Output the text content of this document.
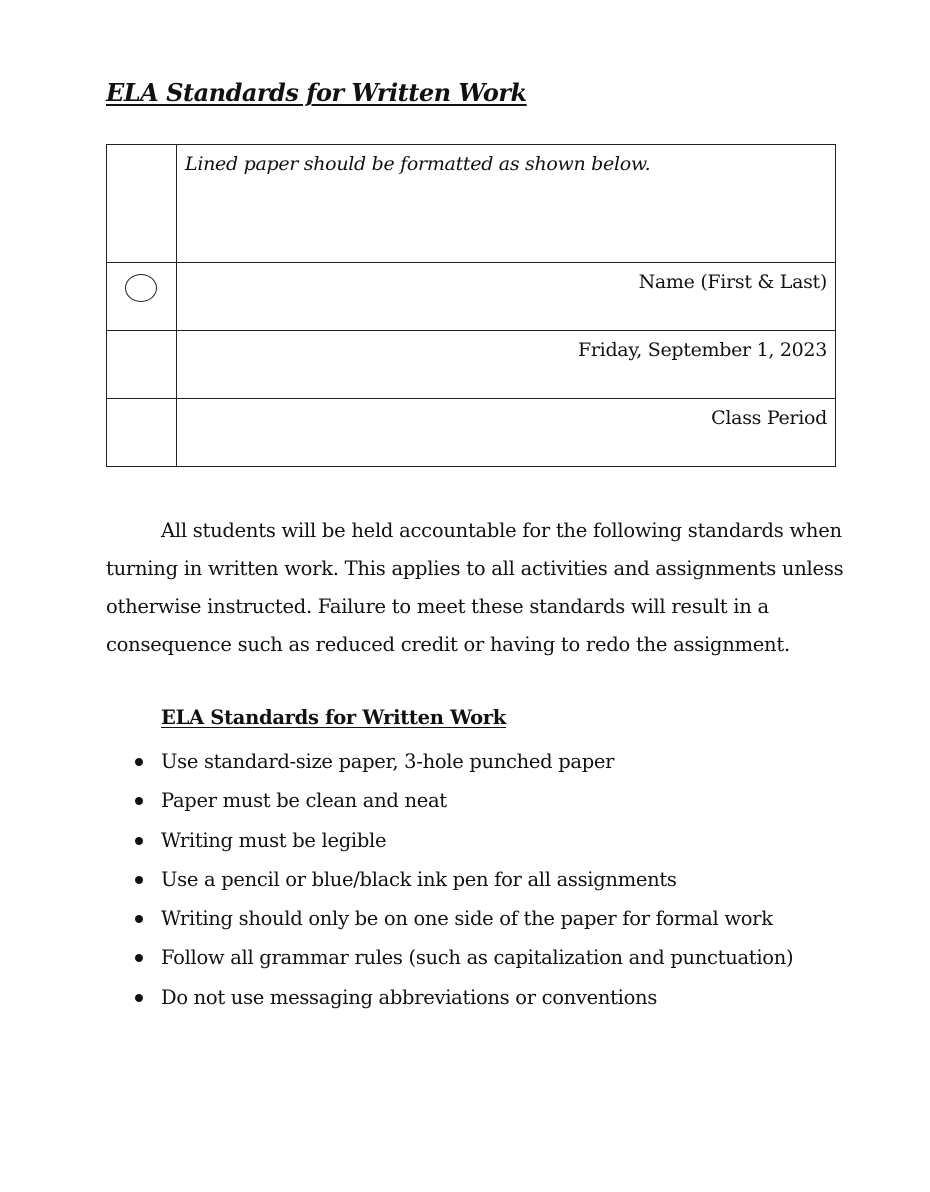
ELA Standards for Written Work

	Lined paper should be formatted as shown below.

	Name (First & Last)

	Friday, September 1, 2023

	Class Period
All students will be held accountable for the following standards when turning in written work. This applies to all activities and assignments unless otherwise instructed. Failure to meet these standards will result in a consequence such as reduced credit or having to redo the assignment.
ELA Standards for Written Work
Use standard-size paper, 3-hole punched paper
Paper must be clean and neat
Writing must be legible
Use a pencil or blue/black ink pen for all assignments
Writing should only be on one side of the paper for formal work
Follow all grammar rules (such as capitalization and punctuation)
Do not use messaging abbreviations or conventions
